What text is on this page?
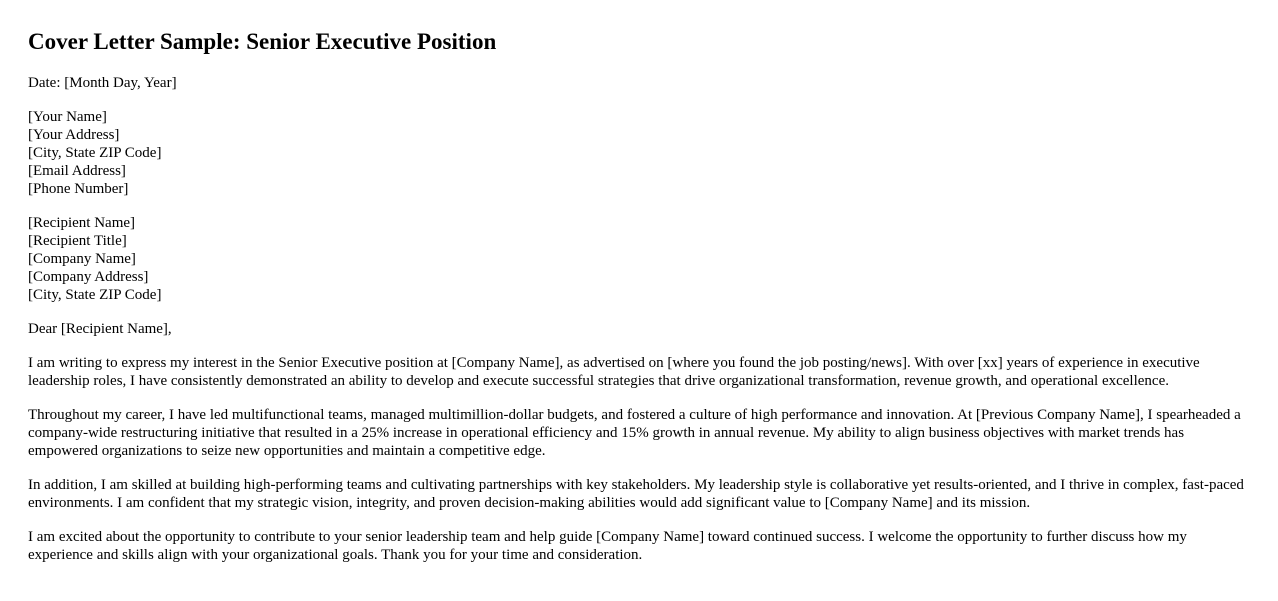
Cover Letter Sample: Senior Executive Position
Date: [Month Day, Year]
[Your Name]
[Your Address]
[City, State ZIP Code]
[Email Address]
[Phone Number]
[Recipient Name]
[Recipient Title]
[Company Name]
[Company Address]
[City, State ZIP Code]
Dear [Recipient Name],

I am writing to express my interest in the Senior Executive position at [Company Name], as advertised on [where you found the job posting/news]. With over [xx] years of experience in executive leadership roles, I have consistently demonstrated an ability to develop and execute successful strategies that drive organizational transformation, revenue growth, and operational excellence.

Throughout my career, I have led multifunctional teams, managed multimillion-dollar budgets, and fostered a culture of high performance and innovation. At [Previous Company Name], I spearheaded a company-wide restructuring initiative that resulted in a 25% increase in operational efficiency and 15% growth in annual revenue. My ability to align business objectives with market trends has empowered organizations to seize new opportunities and maintain a competitive edge.

In addition, I am skilled at building high-performing teams and cultivating partnerships with key stakeholders. My leadership style is collaborative yet results-oriented, and I thrive in complex, fast-paced environments. I am confident that my strategic vision, integrity, and proven decision-making abilities would add significant value to [Company Name] and its mission.

I am excited about the opportunity to contribute to your senior leadership team and help guide [Company Name] toward continued success. I welcome the opportunity to further discuss how my experience and skills align with your organizational goals. Thank you for your time and consideration.
